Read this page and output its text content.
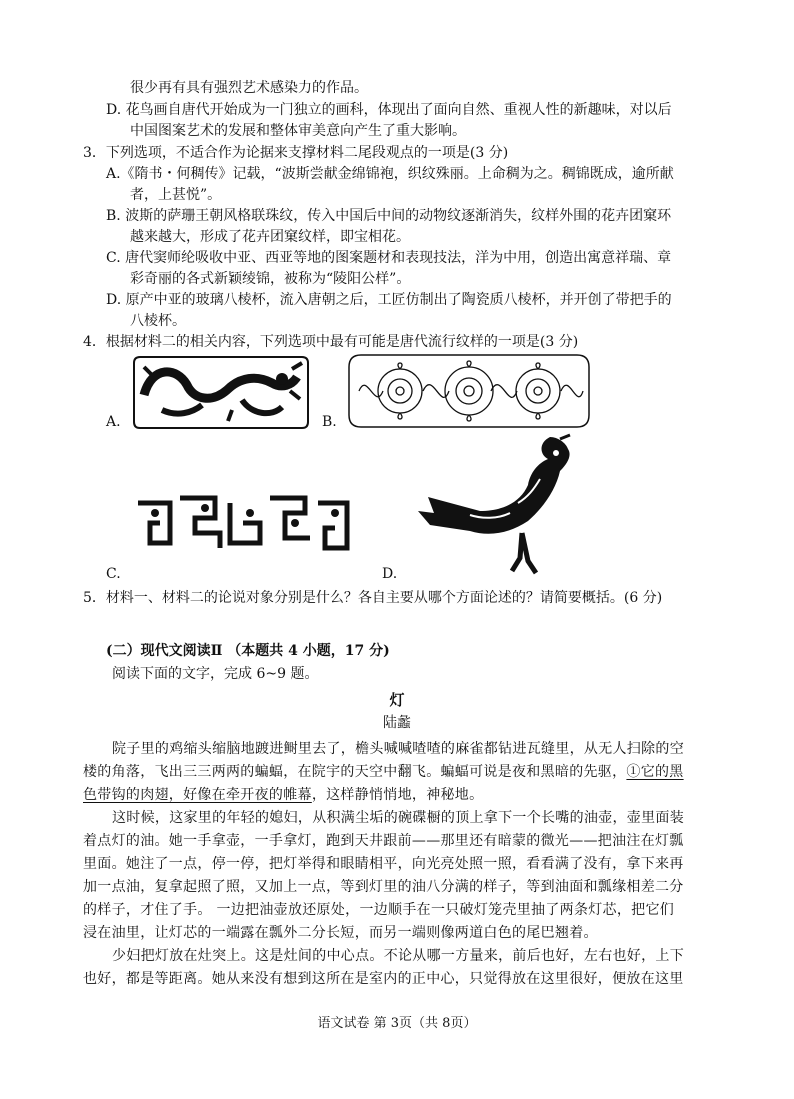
很少再有具有强烈艺术感染力的作品。
D. 花鸟画自唐代开始成为一门独立的画科，体现出了面向自然、重视人性的新趣味，对以后
中国图案艺术的发展和整体审美意向产生了重大影响。
3．下列选项，不适合作为论据来支撑材料二尾段观点的一项是(3 分)
A.《隋书・何稠传》记载，“波斯尝献金绵锦袍，织纹殊丽。上命稠为之。稠锦既成，逾所献
者，上甚悦”。
B. 波斯的萨珊王朝风格联珠纹，传入中国后中间的动物纹逐渐消失，纹样外围的花卉团窠环
越来越大，形成了花卉团窠纹样，即宝相花。
C. 唐代窦师纶吸收中亚、西亚等地的图案题材和表现技法，洋为中用，创造出寓意祥瑞、章
彩奇丽的各式新颖绫锦，被称为“陵阳公样”。
D. 原产中亚的玻璃八棱杯，流入唐朝之后，工匠仿制出了陶瓷质八棱杯，并开创了带把手的
八棱杯。
4．根据材料二的相关内容，下列选项中最有可能是唐代流行纹样的一项是(3 分)
A.	B.
C.	D.
5．材料一、材料二的论说对象分别是什么？各自主要从哪个方面论述的？请简要概括。(6 分)
(二）现代文阅读Ⅱ （本题共 4 小题，17 分)
阅读下面的文字，完成 6~9 题。
灯
陆蠡
院子里的鸡缩头缩脑地踱进鲥里去了，檐头喊喊喳喳的麻雀都钻进瓦缝里，从无人扫除的空
楼的角落，飞出三三两两的蝙蝠，在院宇的天空中翻飞。蝙蝠可说是夜和黑暗的先驱，①它的黑
色带钩的肉翅，好像在牵开夜的帷幕，这样静悄悄地，神秘地。
这时候，这家里的年轻的媳妇，从积满尘垢的碗碟橱的顶上拿下一个长嘴的油壶，壶里面装
着点灯的油。她一手拿壶，一手拿灯，跑到天井跟前——那里还有暗蒙的微光——把油注在灯瓢
里面。她注了一点，停一停，把灯举得和眼睛相平，向光亮处照一照，看看满了没有，拿下来再
加一点油，复拿起照了照，又加上一点，等到灯里的油八分满的样子，等到油面和瓢缘相差二分
的样子，才住了手。 一边把油壶放还原处，一边顺手在一只破灯笼壳里抽了两条灯芯，把它们
浸在油里，让灯芯的一端露在瓢外二分长短，而另一端则像两道白色的尾巴翘着。
少妇把灯放在灶突上。这是灶间的中心点。不论从哪一方量来，前后也好，左右也好，上下
也好，都是等距离。她从来没有想到这所在是室内的正中心，只觉得放在这里很好，便放在这里
语文试卷 第 3页（共 8页）
